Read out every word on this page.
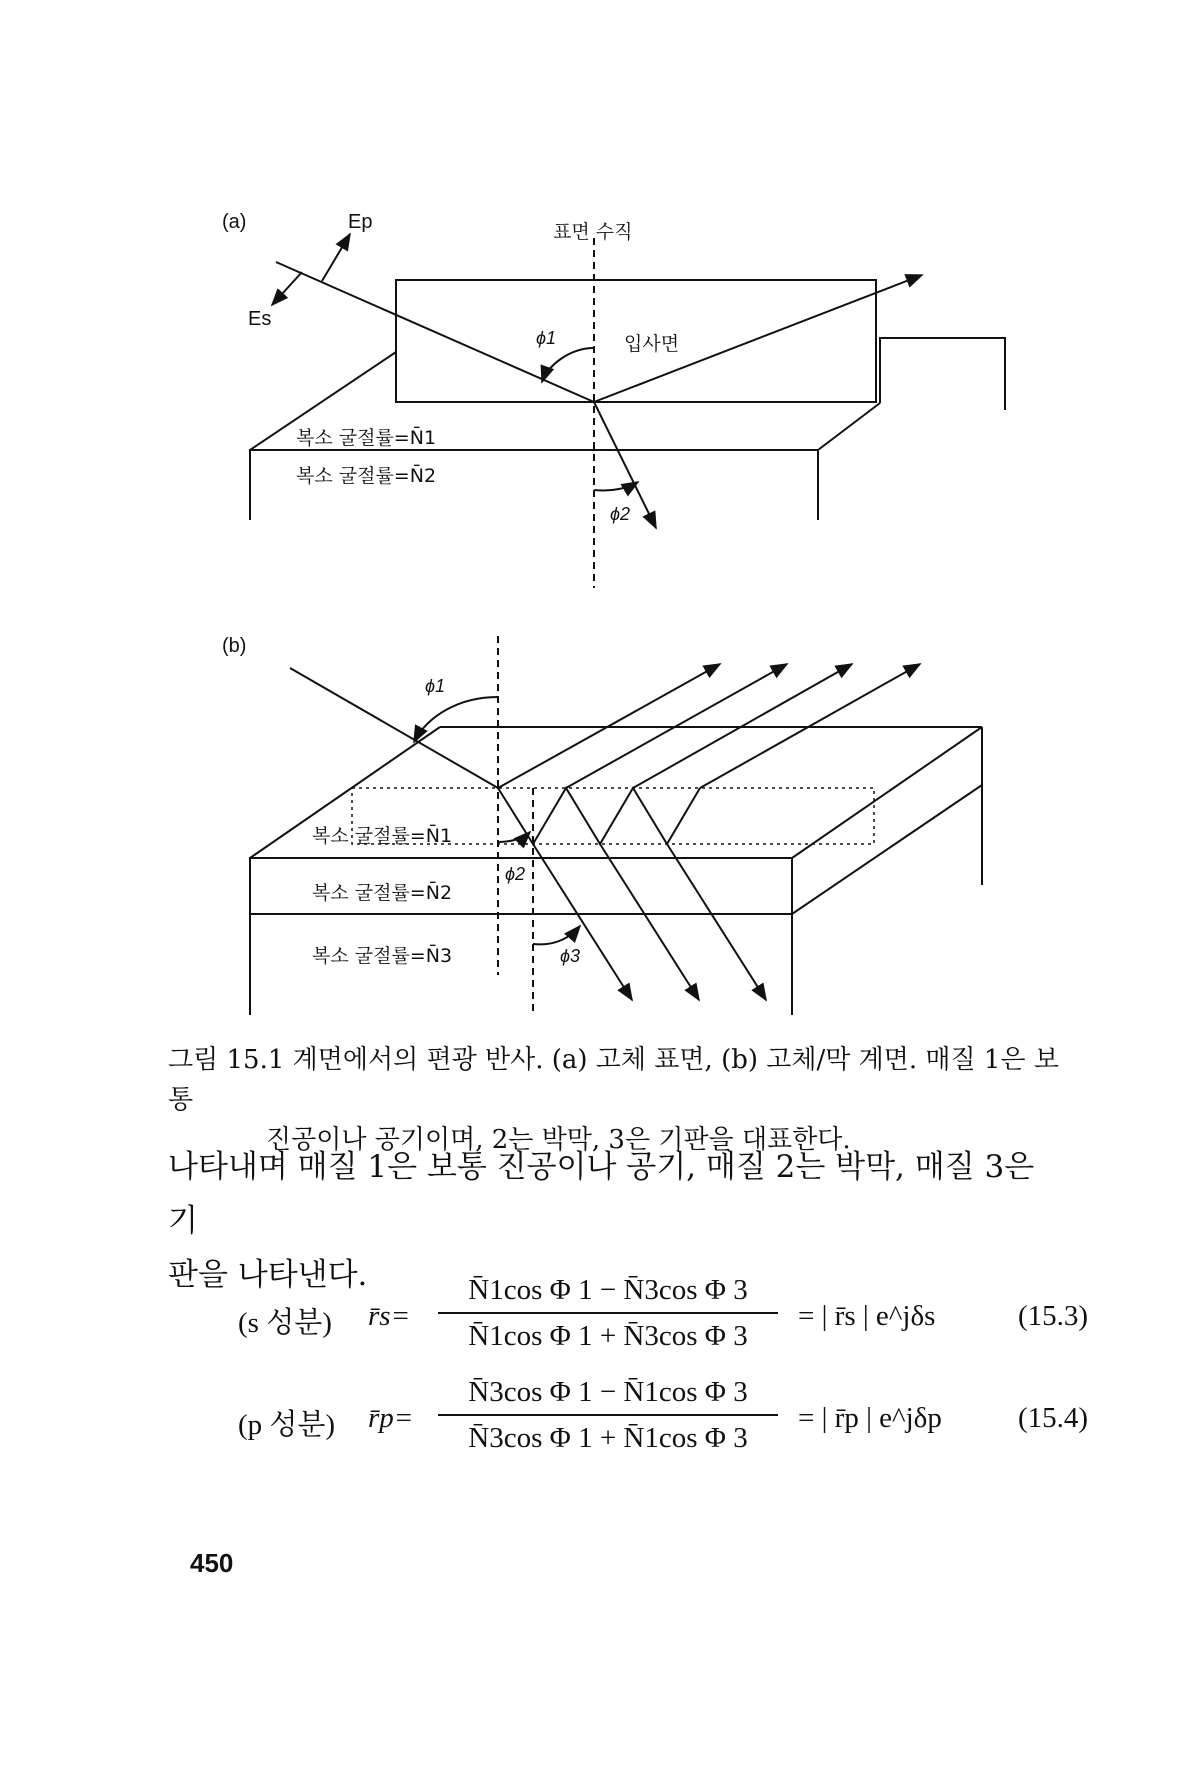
(a)	Ep
Es
표면 수직
ϕ1	입사면
ϕ2
복소 굴절률=N̄1
복소 굴절률=N̄2
(b)
ϕ1
ϕ2
ϕ3
복소 굴절률=N̄1
복소 굴절률=N̄2
복소 굴절률=N̄3
그림 15.1 계면에서의 편광 반사. (a) 고체 표면, (b) 고체/막 계면. 매질 1은 보통
진공이나 공기이며, 2는 박막, 3은 기판을 대표한다.
나타내며 매질 1은 보통 진공이나 공기, 매질 2는 박막, 매질 3은 기
판을 나타낸다.
(s 성분) r̄s=
N̄1cos Φ 1 − N̄3cos Φ 3
N̄1cos Φ 1 + N̄3cos Φ 3
= | r̄s | e^jδs	(15.3)
(p 성분) r̄p=
N̄3cos Φ 1 − N̄1cos Φ 3
N̄3cos Φ 1 + N̄1cos Φ 3
= | r̄p | e^jδp	(15.4)
450
